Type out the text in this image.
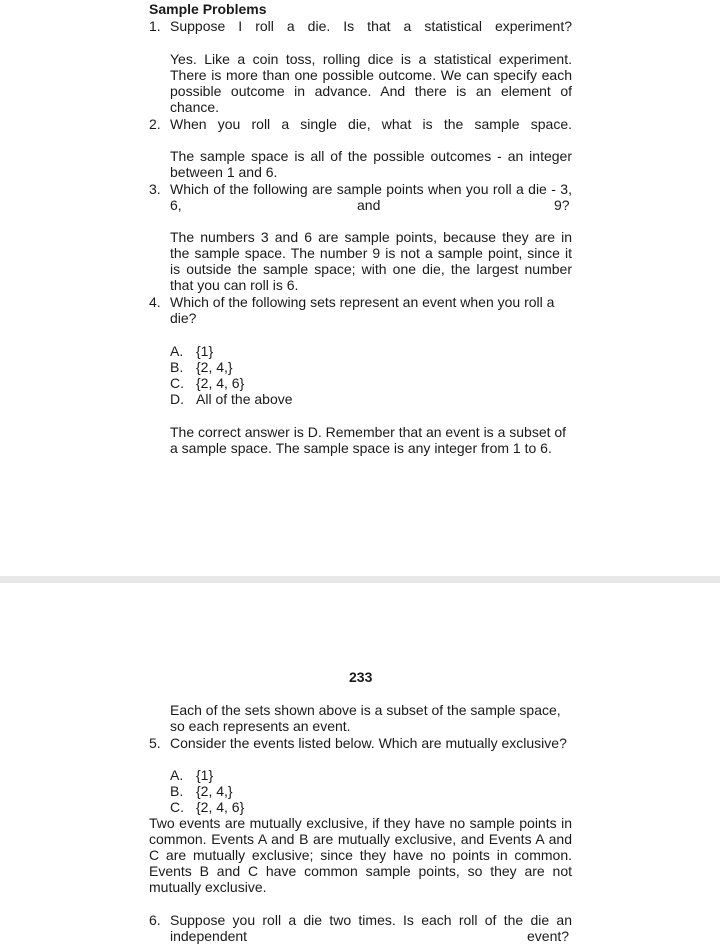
Sample Problems
1. Suppose I roll a die. Is that a statistical experiment?
Yes. Like a coin toss, rolling dice is a statistical experiment.
There is more than one possible outcome. We can specify each
possible outcome in advance. And there is an element of
chance.
2. When you roll a single die, what is the sample space.
The sample space is all of the possible outcomes - an integer
between 1 and 6.
3. Which of the following are sample points when you roll a die - 3,
6,	and	9?
The numbers 3 and 6 are sample points, because they are in
the sample space. The number 9 is not a sample point, since it
is outside the sample space; with one die, the largest number
that you can roll is 6.
4. Which of the following sets represent an event when you roll a
die?
A. {1}
B. {2, 4,}
C. {2, 4, 6}
D. All of the above
The correct answer is D. Remember that an event is a subset of
a sample space. The sample space is any integer from 1 to 6.
233
Each of the sets shown above is a subset of the sample space,
so each represents an event.
5. Consider the events listed below. Which are mutually exclusive?
A. {1}
B. {2, 4,}
C. {2, 4, 6}
Two events are mutually exclusive, if they have no sample points in
common. Events A and B are mutually exclusive, and Events A and
C are mutually exclusive; since they have no points in common.
Events B and C have common sample points, so they are not
mutually exclusive.
6. Suppose you roll a die two times. Is each roll of the die an
independent	event?
